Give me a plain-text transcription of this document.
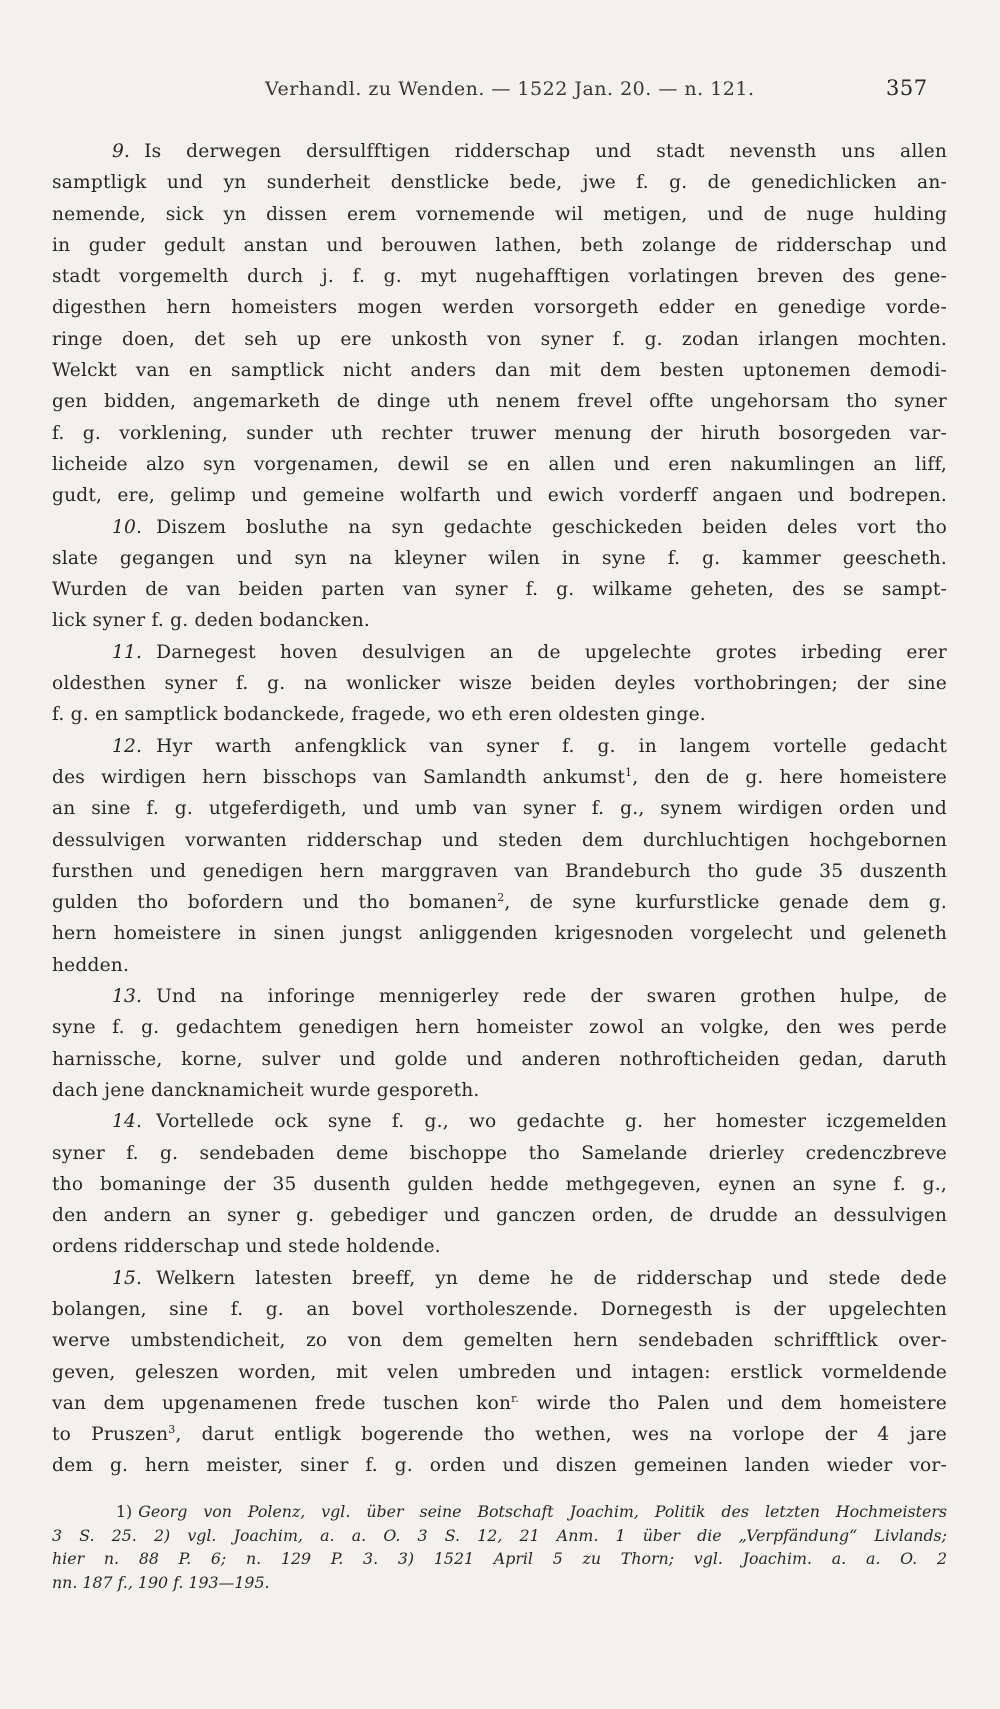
Verhandl. zu Wenden. — 1522 Jan. 20. — n. 121.	357
9. Is derwegen dersulfftigen ridderschap und stadt nevensth uns allen
samptligk und yn sunderheit denstlicke bede, jwe f. g. de genedichlicken an-
nemende, sick yn dissen erem vornemende wil metigen, und de nuge hulding
in guder gedult anstan und berouwen lathen, beth zolange de ridderschap und
stadt vorgemelth durch j. f. g. myt nugehafftigen vorlatingen breven des gene-
digesthen hern homeisters mogen werden vorsorgeth edder en genedige vorde-
ringe doen, det seh up ere unkosth von syner f. g. zodan irlangen mochten.
Welckt van en samptlick nicht anders dan mit dem besten uptonemen demodi-
gen bidden, angemarketh de dinge uth nenem frevel offte ungehorsam tho syner
f. g. vorklening, sunder uth rechter truwer menung der hiruth bosorgeden var-
licheide alzo syn vorgenamen, dewil se en allen und eren nakumlingen an liff,
gudt, ere, gelimp und gemeine wolfarth und ewich vorderff angaen und bodrepen.
10. Diszem bosluthe na syn gedachte geschickeden beiden deles vort tho
slate gegangen und syn na kleyner wilen in syne f. g. kammer geescheth.
Wurden de van beiden parten van syner f. g. wilkame geheten, des se sampt-
lick syner f. g. deden bodancken.
11. Darnegest hoven desulvigen an de upgelechte grotes irbeding erer
oldesthen syner f. g. na wonlicker wisze beiden deyles vorthobringen; der sine
f. g. en samptlick bodanckede, fragede, wo eth eren oldesten ginge.
12. Hyr warth anfengklick van syner f. g. in langem vortelle gedacht
des wirdigen hern bisschops van Samlandth ankumst$^1$, den de g. here homeistere
an sine f. g. utgeferdigeth, und umb van syner f. g., synem wirdigen orden und
dessulvigen vorwanten ridderschap und steden dem durchluchtigen hochgebornen
fursthen und genedigen hern marggraven van Brandeburch tho gude 35 duszenth
gulden tho bofordern und tho bomanen$^2$, de syne kurfurstlicke genade dem g.
hern homeistere in sinen jungst anliggenden krigesnoden vorgelecht und geleneth
hedden.
13. Und na inforinge mennigerley rede der swaren grothen hulpe, de
syne f. g. gedachtem genedigen hern homeister zowol an volgke, den wes perde
harnissche, korne, sulver und golde und anderen nothrofticheiden gedan, daruth
dach jene dancknamicheit wurde gesporeth.
14. Vortellede ock syne f. g., wo gedachte g. her homester iczgemelden
syner f. g. sendebaden deme bischoppe tho Samelande drierley credenczbreve
tho bomaninge der 35 dusenth gulden hedde methgegeven, eynen an syne f. g.,
den andern an syner g. gebediger und ganczen orden, de drudde an dessulvigen
ordens ridderschap und stede holdende.
15. Welkern latesten breeff, yn deme he de ridderschap und stede dede
bolangen, sine f. g. an bovel vortholeszende. Dornegesth is der upgelechten
werve umbstendicheit, zo von dem gemelten hern sendebaden schrifftlick over-
geven, geleszen worden, mit velen umbreden und intagen: erstlick vormeldende
van dem upgenamenen frede tuschen kon$^{r.}$ wirde tho Palen und dem homeistere
to Pruszen$^3$, darut entligk bogerende tho wethen, wes na vorlope der 4 jare
dem g. hern meister, siner f. g. orden und diszen gemeinen landen wieder vor-
1) Georg von Polenz, vgl. über seine Botschaft Joachim, Politik des letzten Hochmeisters
3 S. 25. 2) vgl. Joachim, a. a. O. 3 S. 12, 21 Anm. 1 über die „Verpfändung“ Livlands;
hier n. 88 P. 6; n. 129 P. 3. 3) 1521 April 5 zu Thorn; vgl. Joachim. a. a. O. 2
nn. 187 f., 190 f. 193—195.
